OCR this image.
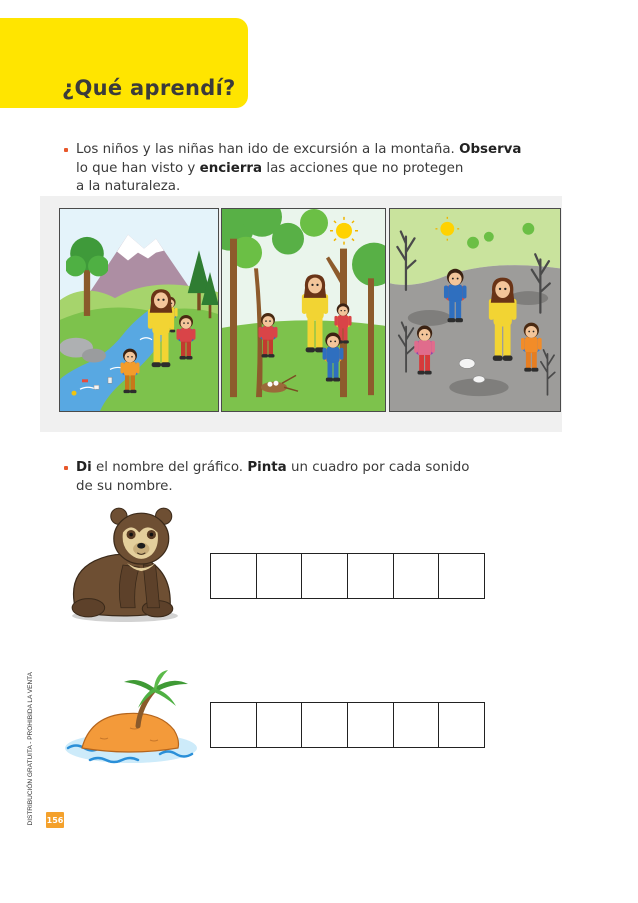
¿Qué aprendí?

Los niños y las niñas han ido de excursión a la montaña. Observa
lo que han visto y encierra las acciones que no protegen
a la naturaleza.

Di el nombre del gráfico. Pinta un cuadro por cada sonido
de su nombre.

DISTRIBUCIÓN GRATUITA - PROHIBIDA LA VENTA 156
